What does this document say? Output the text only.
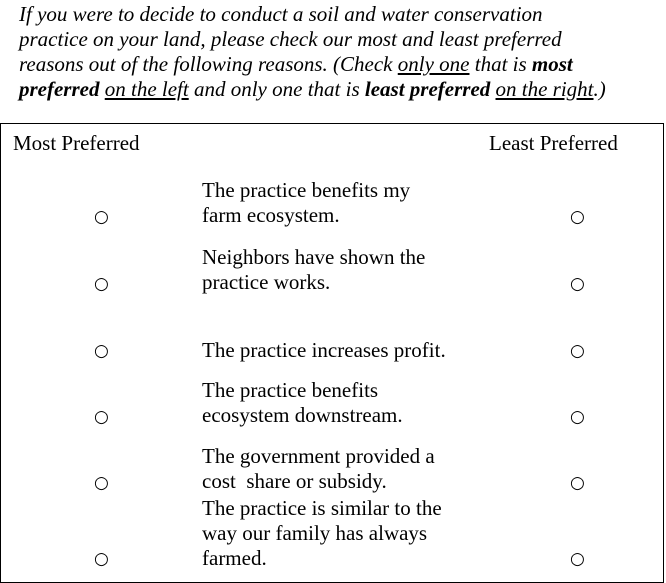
If you were to decide to conduct a soil and water conservation
practice on your land, please check our most and least preferred
reasons out of the following reasons. (Check only one that is most
preferred on the left and only one that is least preferred on the right.)

Most Preferred	Least Preferred
○

The practice benefits my
farm ecosystem.	○
○

Neighbors have shown the
practice works.	○
○	The practice increases profit.	○
○

The practice benefits
ecosystem downstream.	○
○

The government provided a
cost  share or subsidy.	○
○

The practice is similar to the
way our family has always
farmed.	○
